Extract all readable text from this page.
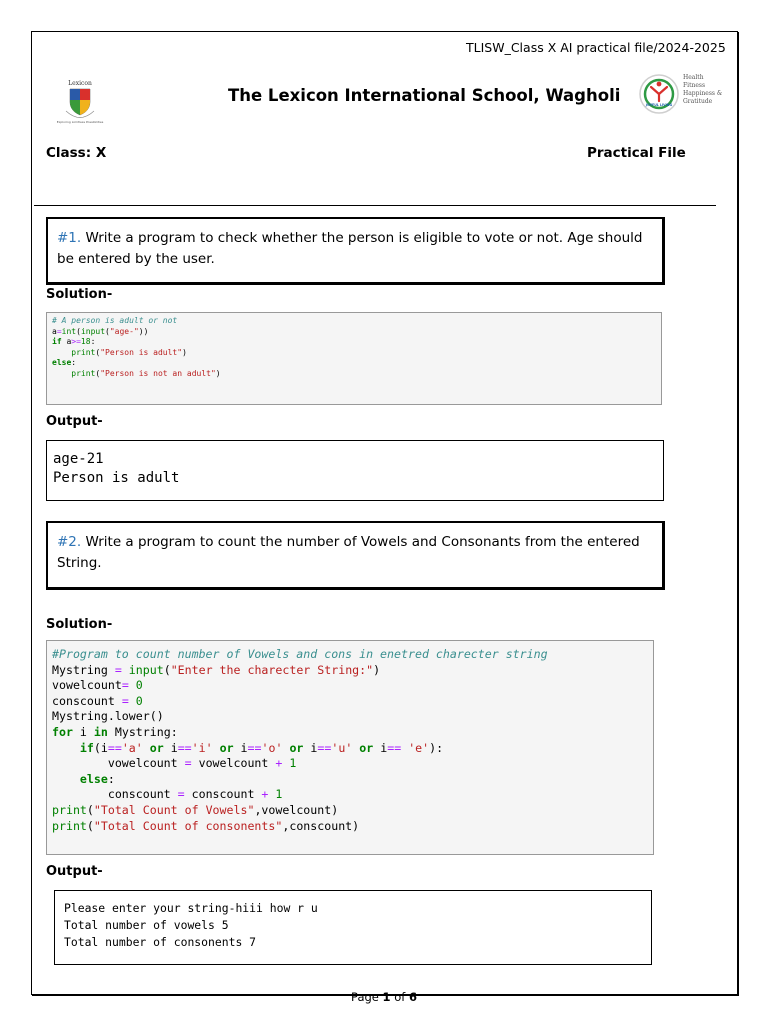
TLISW_Class X AI practical file/2024-2025
Lexicon
Exploring Limitless Possibilities
The Lexicon International School, Wagholi	JOYFUL LIVING
Health
Fitness
Happiness &
Gratitude
Class: X	Practical File
#1. Write a program to check whether the person is eligible to vote or not. Age should be entered by the user.
Solution-
# A person is adult or not
a=int(input("age-"))
if a>=18:
print("Person is adult")
else:
print("Person is not an adult")
Output-
age-21
Person is adult
#2. Write a program to count the number of Vowels and Consonants from the entered String.
Solution-
#Program to count number of Vowels and cons in enetred charecter string
Mystring = input("Enter the charecter String:")
vowelcount= 0
conscount = 0
Mystring.lower()
for i in Mystring:
if(i=='a' or i=='i' or i=='o' or i=='u' or i== 'e'):
vowelcount = vowelcount + 1
else:
conscount = conscount + 1
print("Total Count of Vowels",vowelcount)
print("Total Count of consonents",conscount)
Output-
Please enter your string-hiii how r u
Total number of vowels 5
Total number of consonents 7
Page 1 of 6
